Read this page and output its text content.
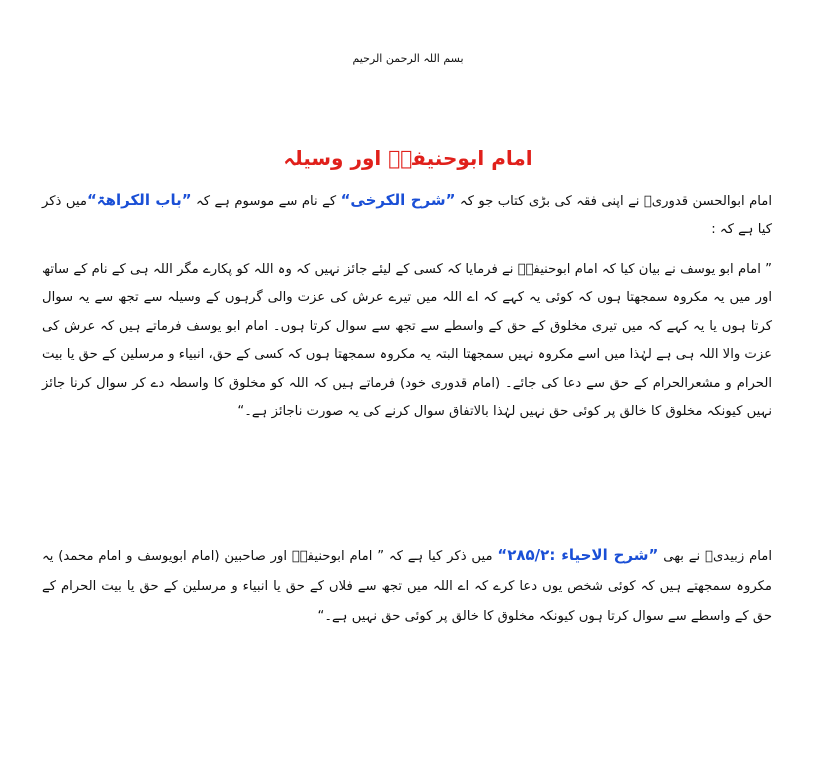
بسم اللہ الرحمن الرحیم
امام ابوحنیفہؒ اور وسیلہ

امام ابوالحسن قدوریؒ نے اپنی فقہ کی بڑی کتاب جو کہ ”شرح الکرخی“ کے نام سے موسوم ہے کہ ”باب الکراھۃ“میں ذکر کیا ہے کہ :

” امام ابو یوسف نے بیان کیا کہ امام ابوحنیفہؒ نے فرمایا کہ کسی کے لیئے جائز نہیں کہ وہ اللہ کو پکارے مگر اللہ ہی کے نام کے ساتھ اور میں یہ مکروہ سمجھتا ہوں کہ کوئی یہ کہے کہ اے اللہ میں تیرے عرش کی عزت والی گرہوں کے وسیلہ سے تجھ سے یہ سوال کرتا ہوں یا یہ کہے کہ میں تیری مخلوق کے حق کے واسطے سے تجھ سے سوال کرتا ہوں۔ امام ابو یوسف فرماتے ہیں کہ عرش کی عزت والا اللہ ہی ہے لہٰذا میں اسے مکروہ نہیں سمجھتا البتہ یہ مکروہ سمجھتا ہوں کہ کسی کے حق، انبیاء و مرسلین کے حق یا بیت الحرام و مشعرالحرام کے حق سے دعا کی جائے۔ (امام قدوری خود) فرماتے ہیں کہ اللہ کو مخلوق کا واسطہ دے کر سوال کرنا جائز نہیں کیونکہ مخلوق کا خالق پر کوئی حق نہیں لہٰذا بالاتفاق سوال کرنے کی یہ صورت ناجائز ہے۔“

امام زبیدیؒ نے بھی ”شرح الاحیاء :۲۸۵/۲“ میں ذکر کیا ہے کہ ” امام ابوحنیفہؒ اور صاحبین (امام ابویوسف و امام محمد) یہ مکروہ سمجھتے ہیں کہ کوئی شخص یوں دعا کرے کہ اے اللہ میں تجھ سے فلاں کے حق یا انبیاء و مرسلین کے حق یا بیت الحرام کے حق کے واسطے سے سوال کرتا ہوں کیونکہ مخلوق کا خالق پر کوئی حق نہیں ہے۔“
